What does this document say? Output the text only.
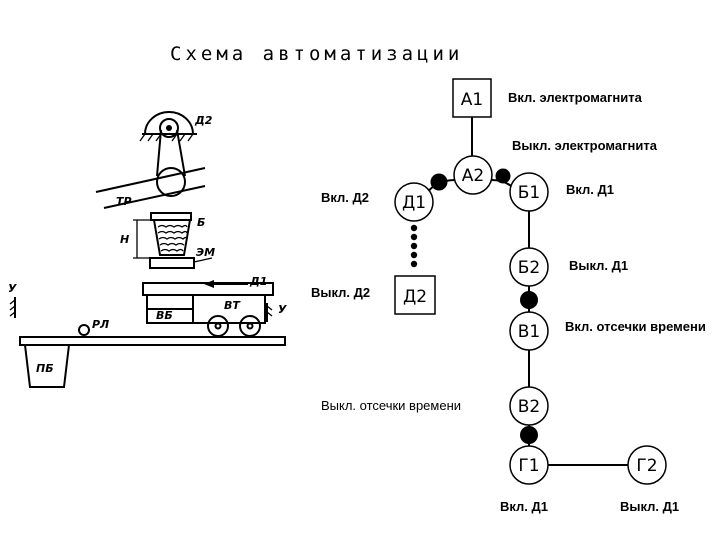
Схема автоматизации
Д2
ТР
Б
Н
ЭМ
Д1
ВБ
ВТ
У
У
РЛ
ПБ
А1
А2
Д1
Д2
Б1
Б2
В1
В2
Г1	Г2
Вкл. электромагнита
Выкл. электромагнита
Вкл. Д2
Выкл. Д2
Вкл. Д1
Выкл. Д1
Вкл. отсечки времени
Выкл. отсечки времени
Вкл. Д1	Выкл. Д1
